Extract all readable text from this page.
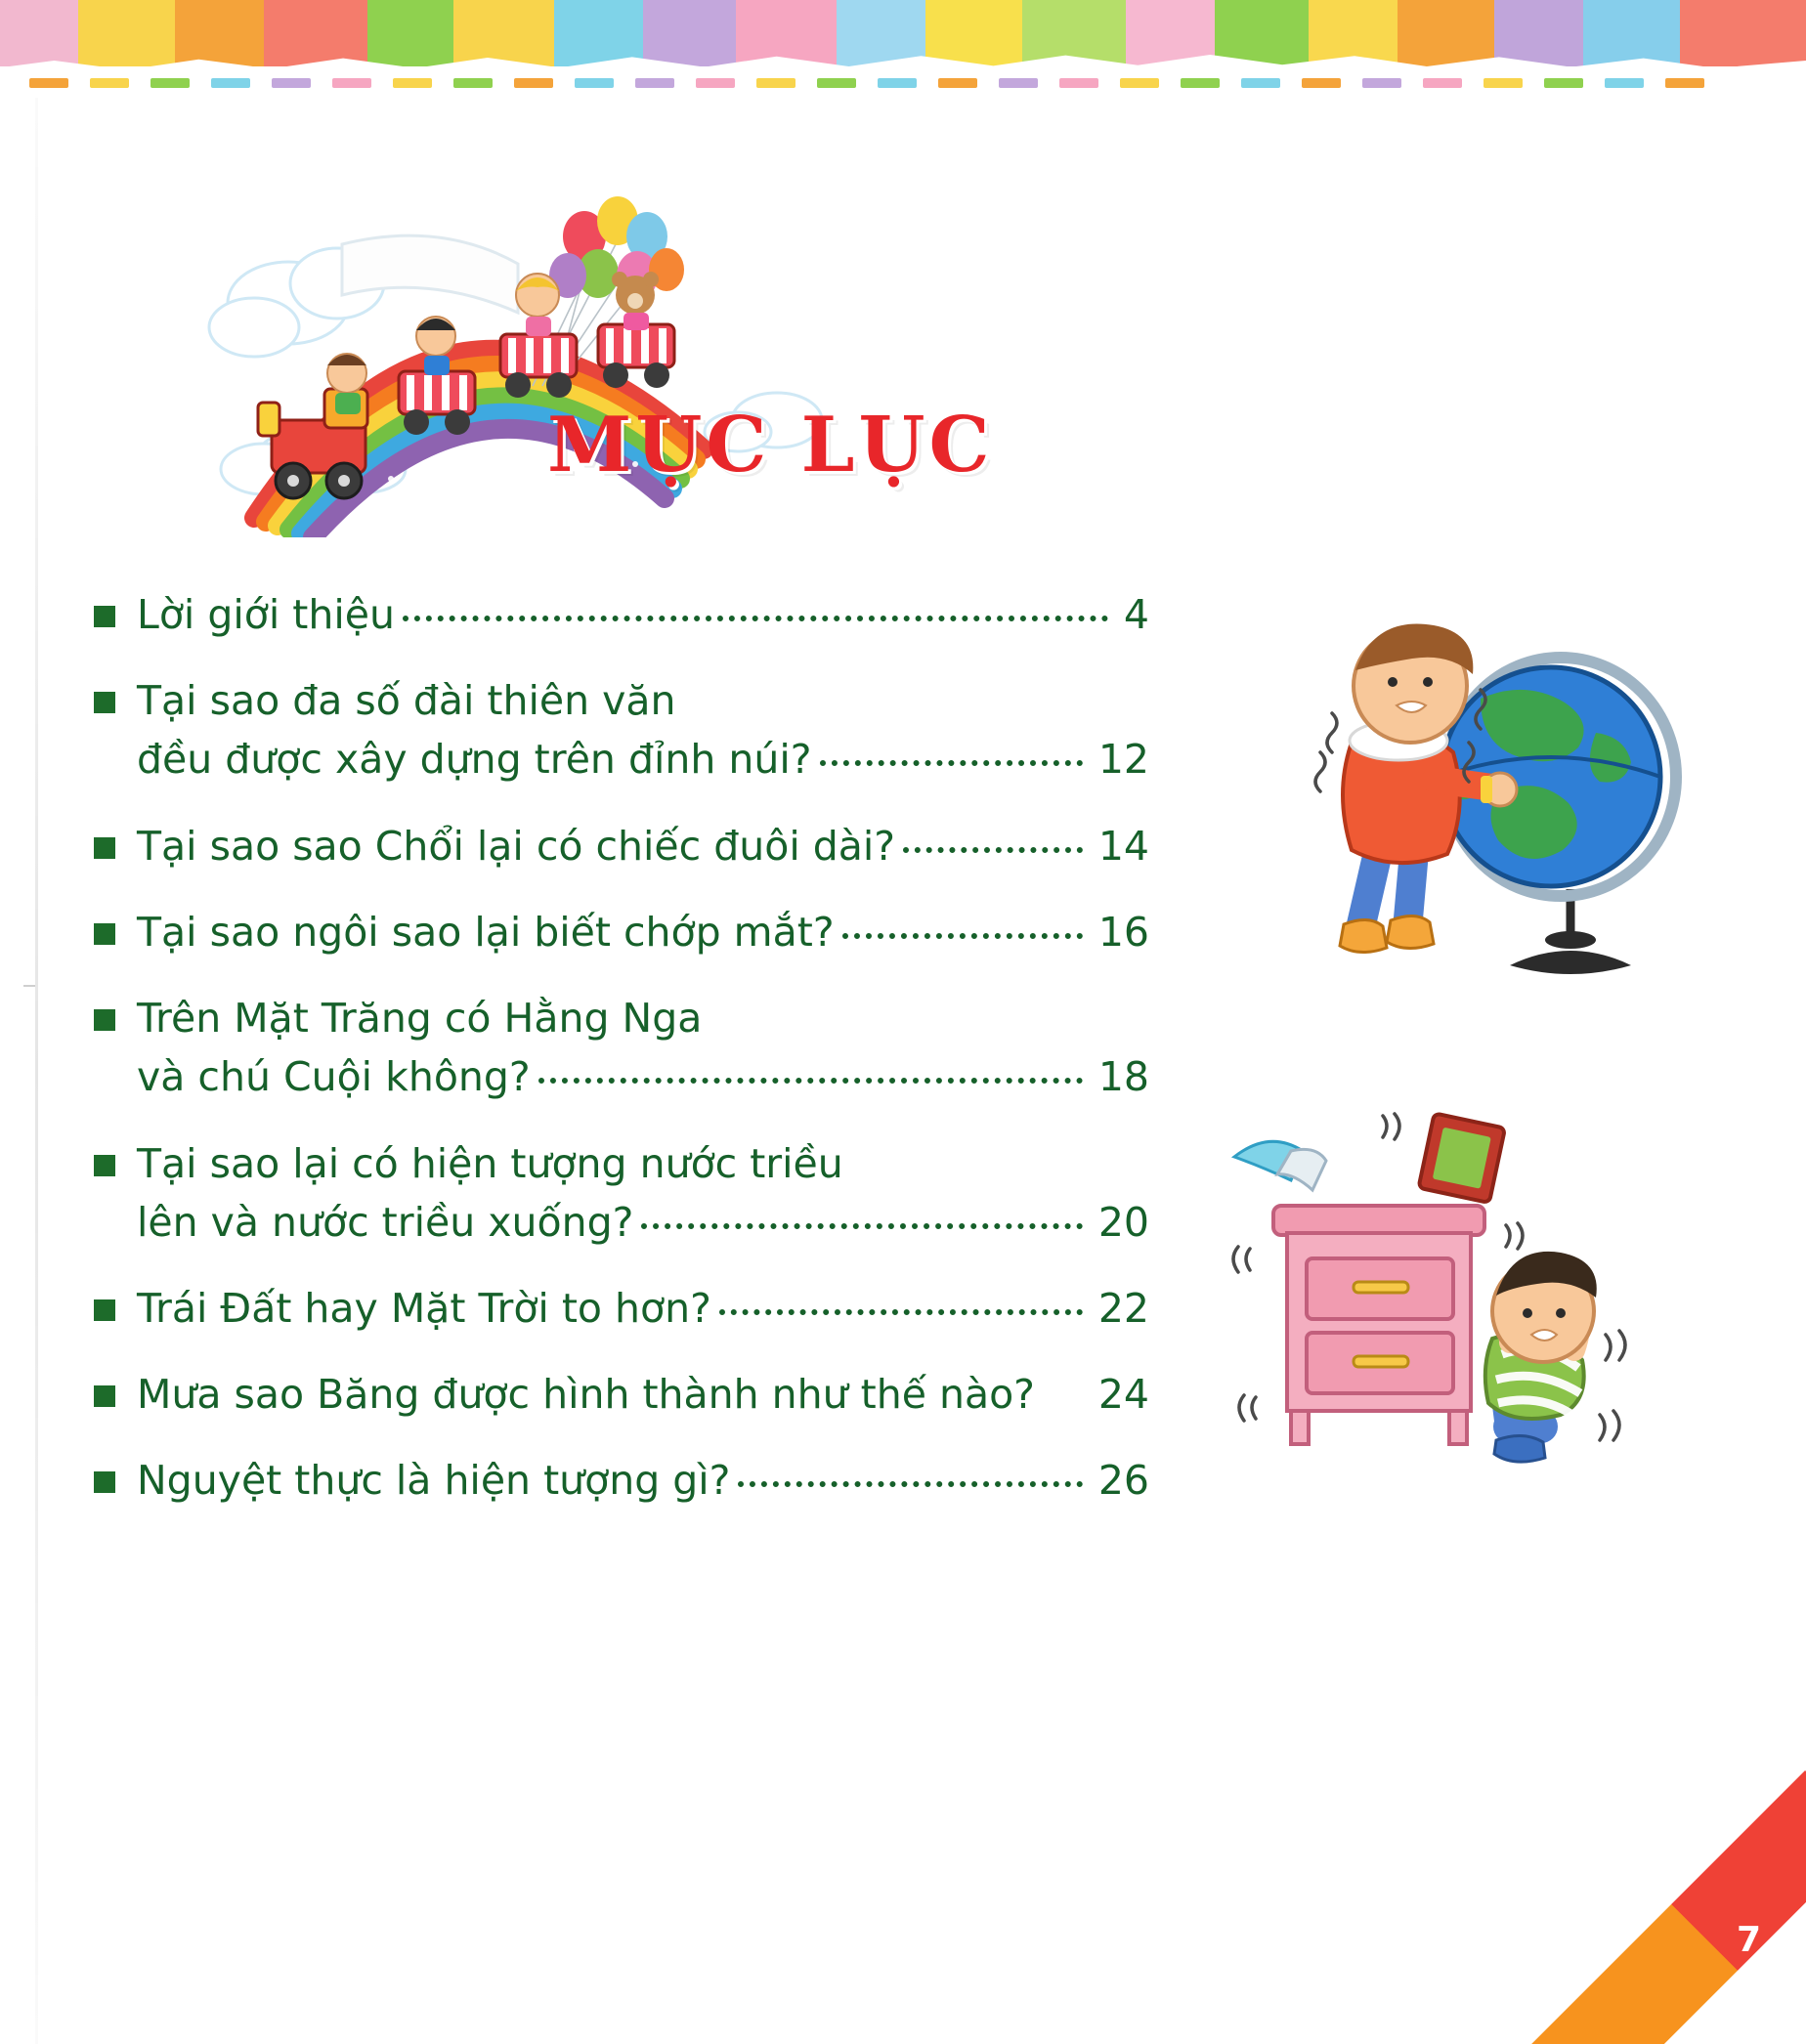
MỤC LỤC
Lời giới thiệu	4
Tại sao đa số đài thiên văn
đều được xây dựng trên đỉnh núi?	12
Tại sao sao Chổi lại có chiếc đuôi dài?	14
Tại sao ngôi sao lại biết chớp mắt?	16
Trên Mặt Trăng có Hằng Nga
và chú Cuội không?	18
Tại sao lại có hiện tượng nước triều
lên và nước triều xuống?	20
Trái Đất hay Mặt Trời to hơn?	22
Mưa sao Băng được hình thành như thế nào? 24
Nguyệt thực là hiện tượng gì?	26
7
